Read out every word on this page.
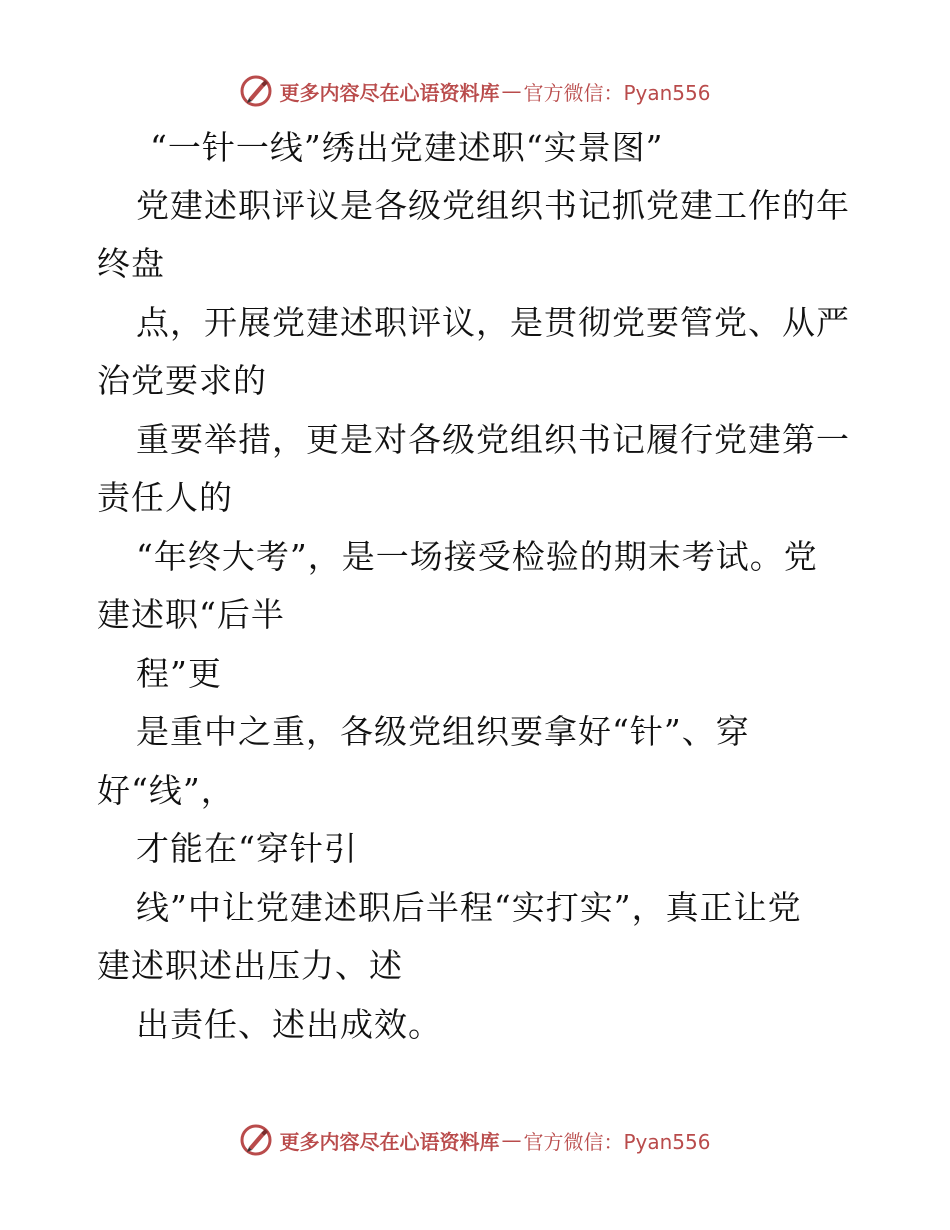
更多内容尽在心语资料库 — 官方微信：Pyan556
“一针一线”绣出党建述职“实景图”
党建述职评议是各级党组织书记抓党建工作的年
终盘
点，开展党建述职评议，是贯彻党要管党、从严
治党要求的
重要举措，更是对各级党组织书记履行党建第一
责任人的
“年终大考”，是一场接受检验的期末考试。党
建述职“后半
程”更
是重中之重，各级党组织要拿好“针”、穿
好“线”，
才能在“穿针引
线”中让党建述职后半程“实打实”，真正让党
建述职述出压力、述
出责任、述出成效。
更多内容尽在心语资料库 — 官方微信：Pyan556
